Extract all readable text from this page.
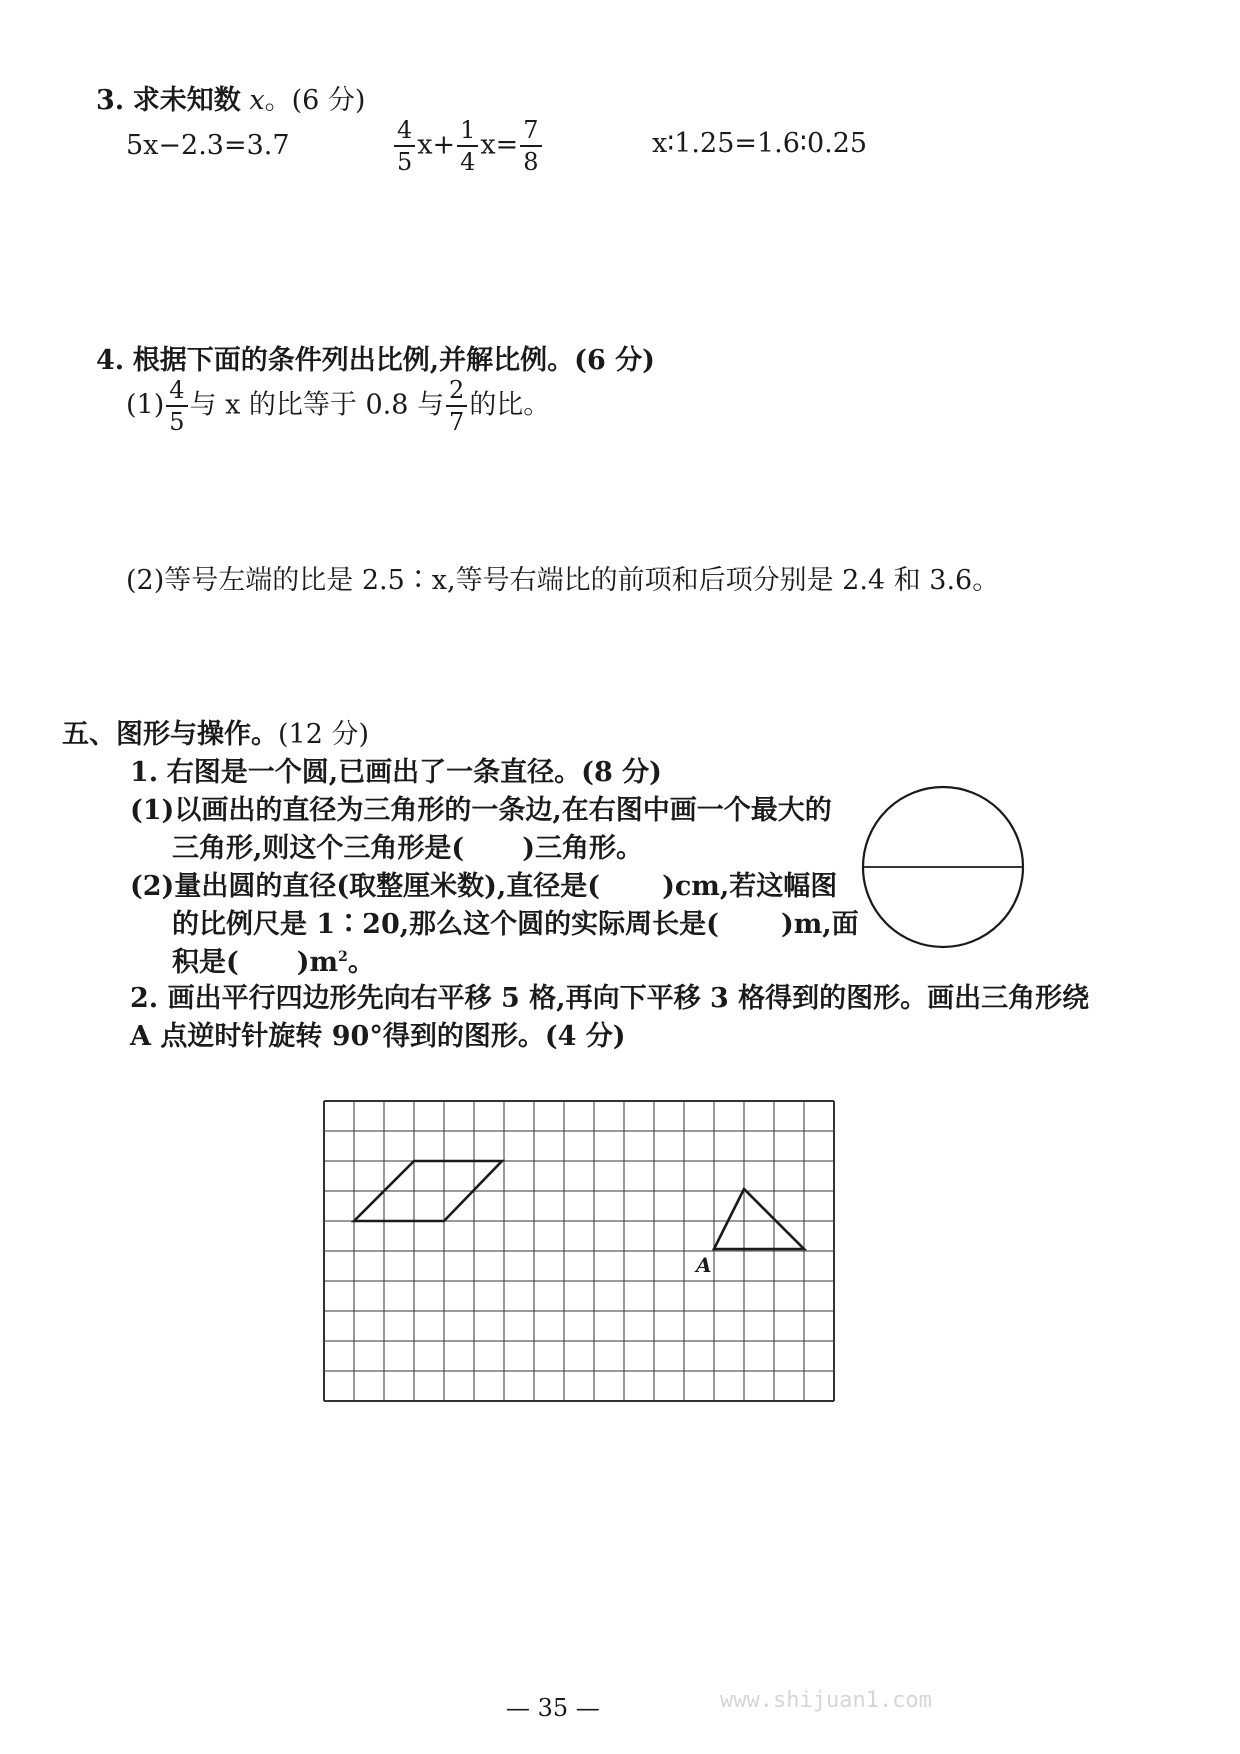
3. 求未知数 x。(6 分)
5x−2.3=3.7	$\frac{4}{5} x+ \frac{1}{4} x= \frac{7}{8}$	x∶1.25=1.6∶0.25
4. 根据下面的条件列出比例,并解比例。(6 分)
$(1) \frac{4}{5}$ 与 x 的比等于 0.8 与 $\frac{2}{7}$ 的比。
(2)等号左端的比是 2.5∶x,等号右端比的前项和后项分别是 2.4 和 3.6。
五、图形与操作。(12 分)
1. 右图是一个圆,已画出了一条直径。(8 分)
(1)以画出的直径为三角形的一条边,在右图中画一个最大的
三角形,则这个三角形是( )三角形。
(2)量出圆的直径(取整厘米数),直径是( )cm,若这幅图
的比例尺是 1∶20,那么这个圆的实际周长是( )m,面
积是( )$m^2$。
2. 画出平行四边形先向右平移 5 格,再向下平移 3 格得到的图形。画出三角形绕
A 点逆时针旋转 90°得到的图形。(4 分)
A
— 35 —	www.shijuan1.com
